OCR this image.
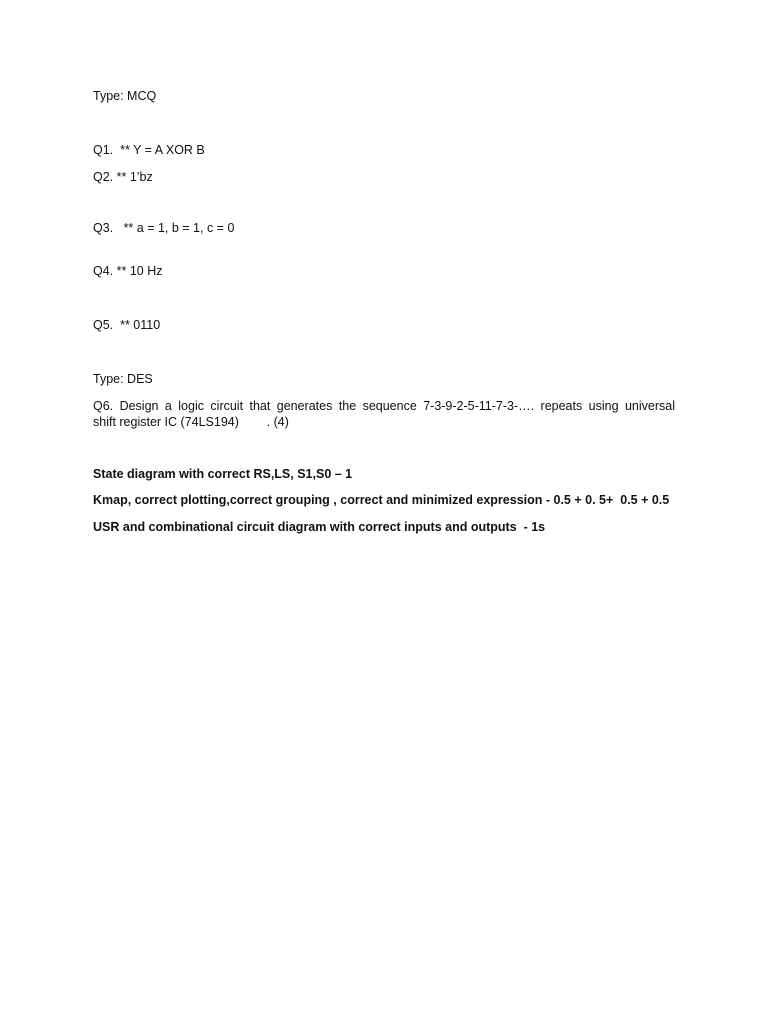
Type: MCQ

Q1.  ** Y = A XOR B

Q2. ** 1’bz

Q3.   ** a = 1, b = 1, c = 0

Q4. ** 10 Hz

Q5.  ** 0110

Type: DES

Q6. Design a logic circuit that generates the sequence 7-3-9-2-5-11-7-3-…. repeats using universal
shift register IC (74LS194)        . (4)

State diagram with correct RS,LS, S1,S0 – 1

Kmap, correct plotting,correct grouping , correct and minimized expression - 0.5 + 0. 5+  0.5 + 0.5

USR and combinational circuit diagram with correct inputs and outputs  - 1s
